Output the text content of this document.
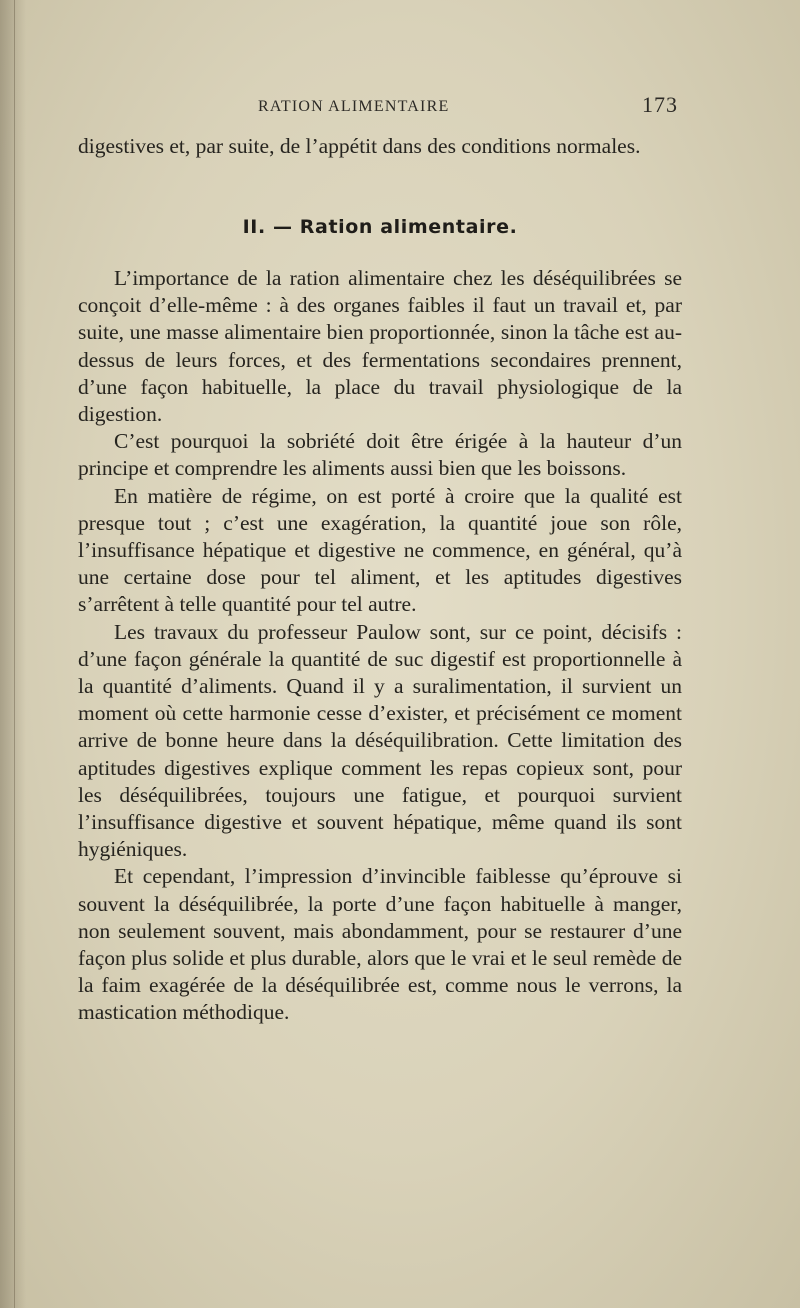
RATION ALIMENTAIRE	173

digestives et, par suite, de l’appétit dans des conditions normales.

II. — Ration alimentaire.

L’importance de la ration alimentaire chez les déséquilibrées se conçoit d’elle-même : à des organes faibles il faut un travail et, par suite, une masse alimentaire bien proportionnée, sinon la tâche est au-dessus de leurs forces, et des fermentations secondaires prennent, d’une façon habituelle, la place du travail physiologique de la digestion.

C’est pourquoi la sobriété doit être érigée à la hauteur d’un principe et comprendre les aliments aussi bien que les boissons.

En matière de régime, on est porté à croire que la qualité est presque tout ; c’est une exagération, la quantité joue son rôle, l’insuffisance hépatique et digestive ne commence, en général, qu’à une certaine dose pour tel aliment, et les aptitudes digestives s’arrêtent à telle quantité pour tel autre.

Les travaux du professeur Paulow sont, sur ce point, décisifs : d’une façon générale la quantité de suc digestif est proportionnelle à la quantité d’aliments. Quand il y a suralimentation, il survient un moment où cette harmonie cesse d’exister, et précisément ce moment arrive de bonne heure dans la déséquilibration. Cette limitation des aptitudes digestives explique comment les repas copieux sont, pour les déséquilibrées, toujours une fatigue, et pourquoi survient l’insuffisance digestive et souvent hépatique, même quand ils sont hygiéniques.

Et cependant, l’impression d’invincible faiblesse qu’éprouve si souvent la déséquilibrée, la porte d’une façon habituelle à manger, non seulement souvent, mais abondamment, pour se restaurer d’une façon plus solide et plus durable, alors que le vrai et le seul remède de la faim exagérée de la déséquilibrée est, comme nous le verrons, la mastication méthodique.
